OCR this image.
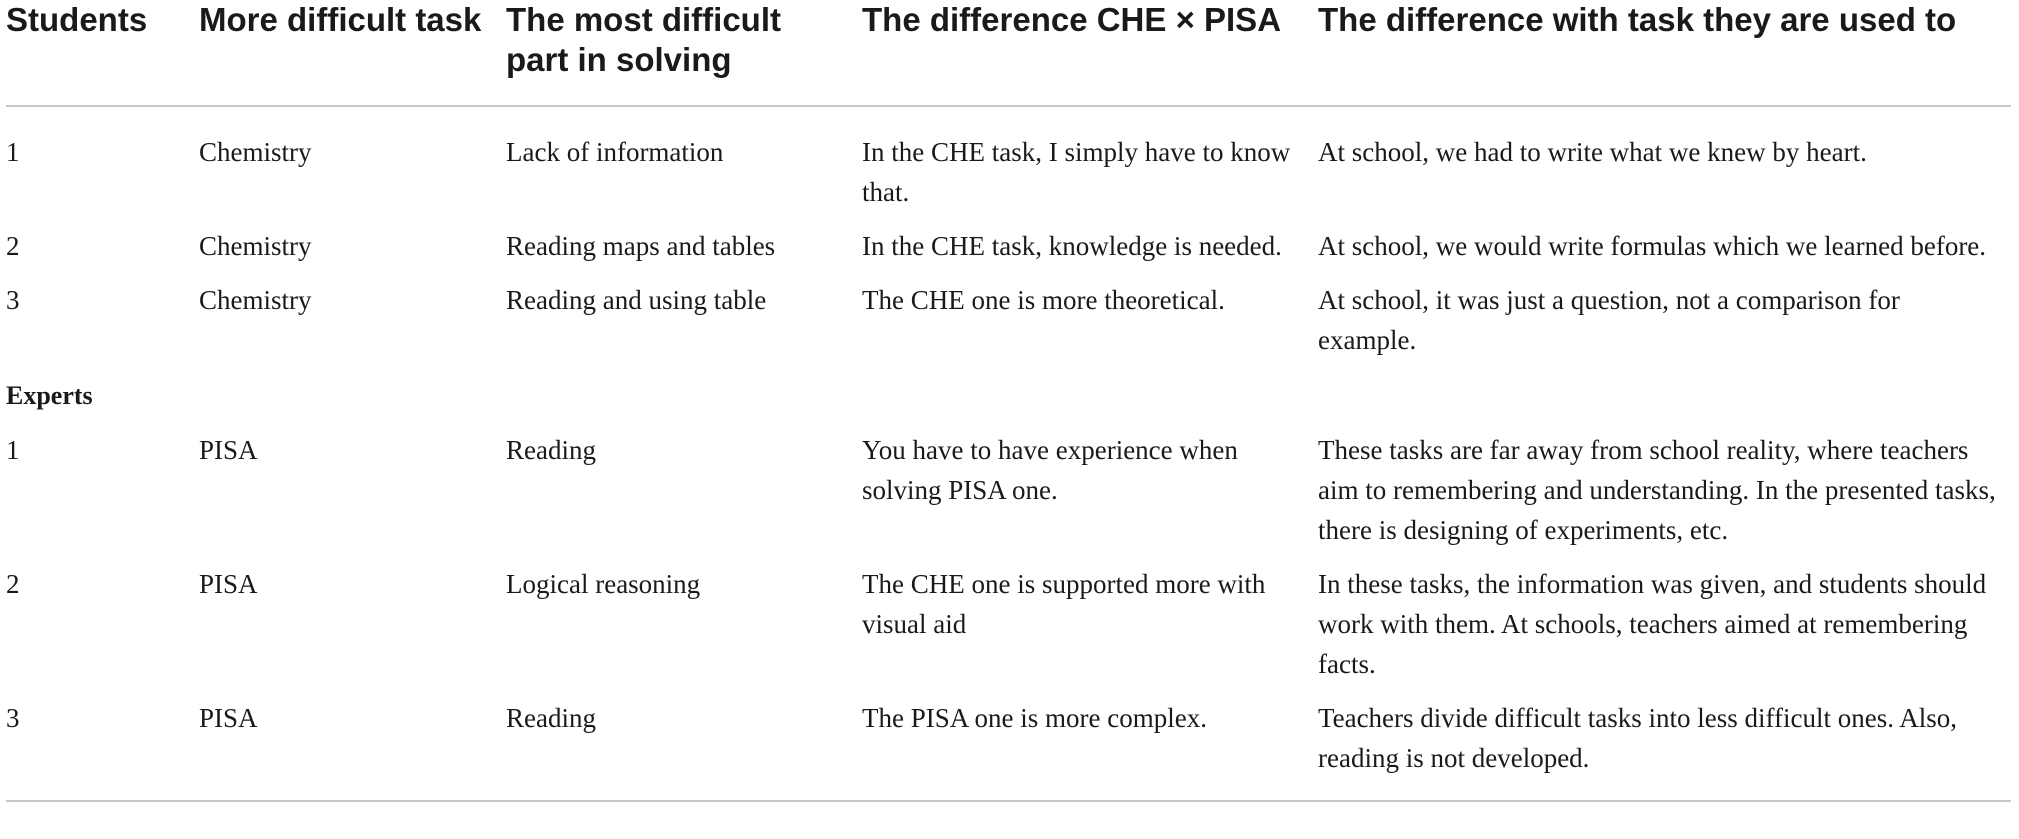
Students	More difficult task	The most difficult part in solving	The difference CHE × PISA	The difference with task they are used to
1	Chemistry	Lack of information	In the CHE task, I simply have to know that.	At school, we had to write what we knew by heart.
2	Chemistry	Reading maps and tables	In the CHE task, knowledge is needed.	At school, we would write formulas which we learned before.
3	Chemistry	Reading and using table	The CHE one is more theoretical.	At school, it was just a question, not a comparison for example.
Experts				
1	PISA	Reading	You have to have experience when solving PISA one.	These tasks are far away from school reality, where teachers aim to remembering and understanding. In the presented tasks, there is designing of experiments, etc.
2	PISA	Logical reasoning	The CHE one is supported more with visual aid	In these tasks, the information was given, and students should work with them. At schools, teachers aimed at remembering facts.
3	PISA	Reading	The PISA one is more complex.	Teachers divide difficult tasks into less difficult ones. Also, reading is not developed.
